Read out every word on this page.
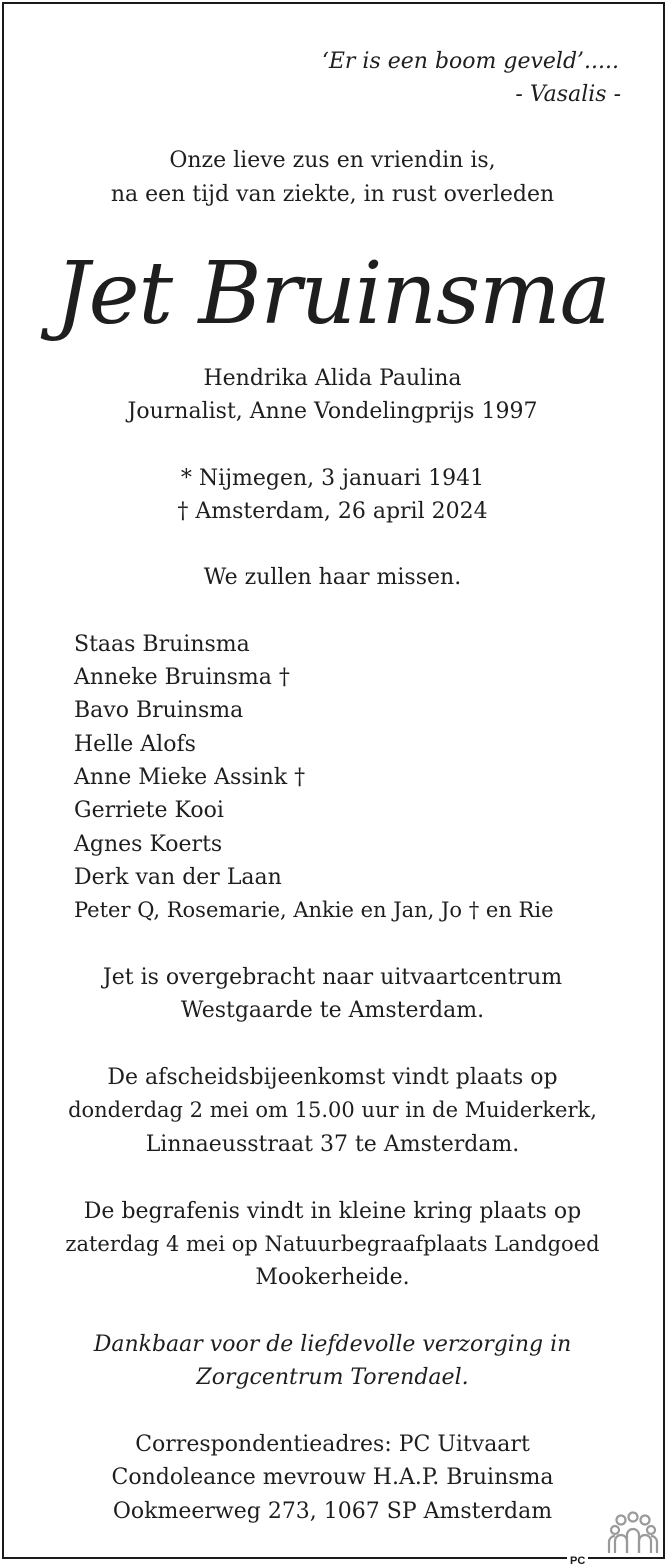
‘Er is een boom geveld’.....

- Vasalis -

Onze lieve zus en vriendin is,

na een tijd van ziekte, in rust overleden

Jet Bruinsma

Hendrika Alida Paulina

Journalist, Anne Vondelingprijs 1997

* Nijmegen, 3 januari 1941

† Amsterdam, 26 april 2024

We zullen haar missen.

Staas Bruinsma

Anneke Bruinsma †

Bavo Bruinsma

Helle Alofs

Anne Mieke Assink †

Gerriete Kooi

Agnes Koerts

Derk van der Laan

Peter Q, Rosemarie, Ankie en Jan, Jo † en Rie

Jet is overgebracht naar uitvaartcentrum

Westgaarde te Amsterdam.

De afscheidsbijeenkomst vindt plaats op

donderdag 2 mei om 15.00 uur in de Muiderkerk,

Linnaeusstraat 37 te Amsterdam.

De begrafenis vindt in kleine kring plaats op

zaterdag 4 mei op Natuurbegraafplaats Landgoed

Mookerheide.

Dankbaar voor de liefdevolle verzorging in

Zorgcentrum Torendael.

Correspondentieadres: PC Uitvaart

Condoleance mevrouw H.A.P. Bruinsma

Ookmeerweg 273, 1067 SP Amsterdam

PC
